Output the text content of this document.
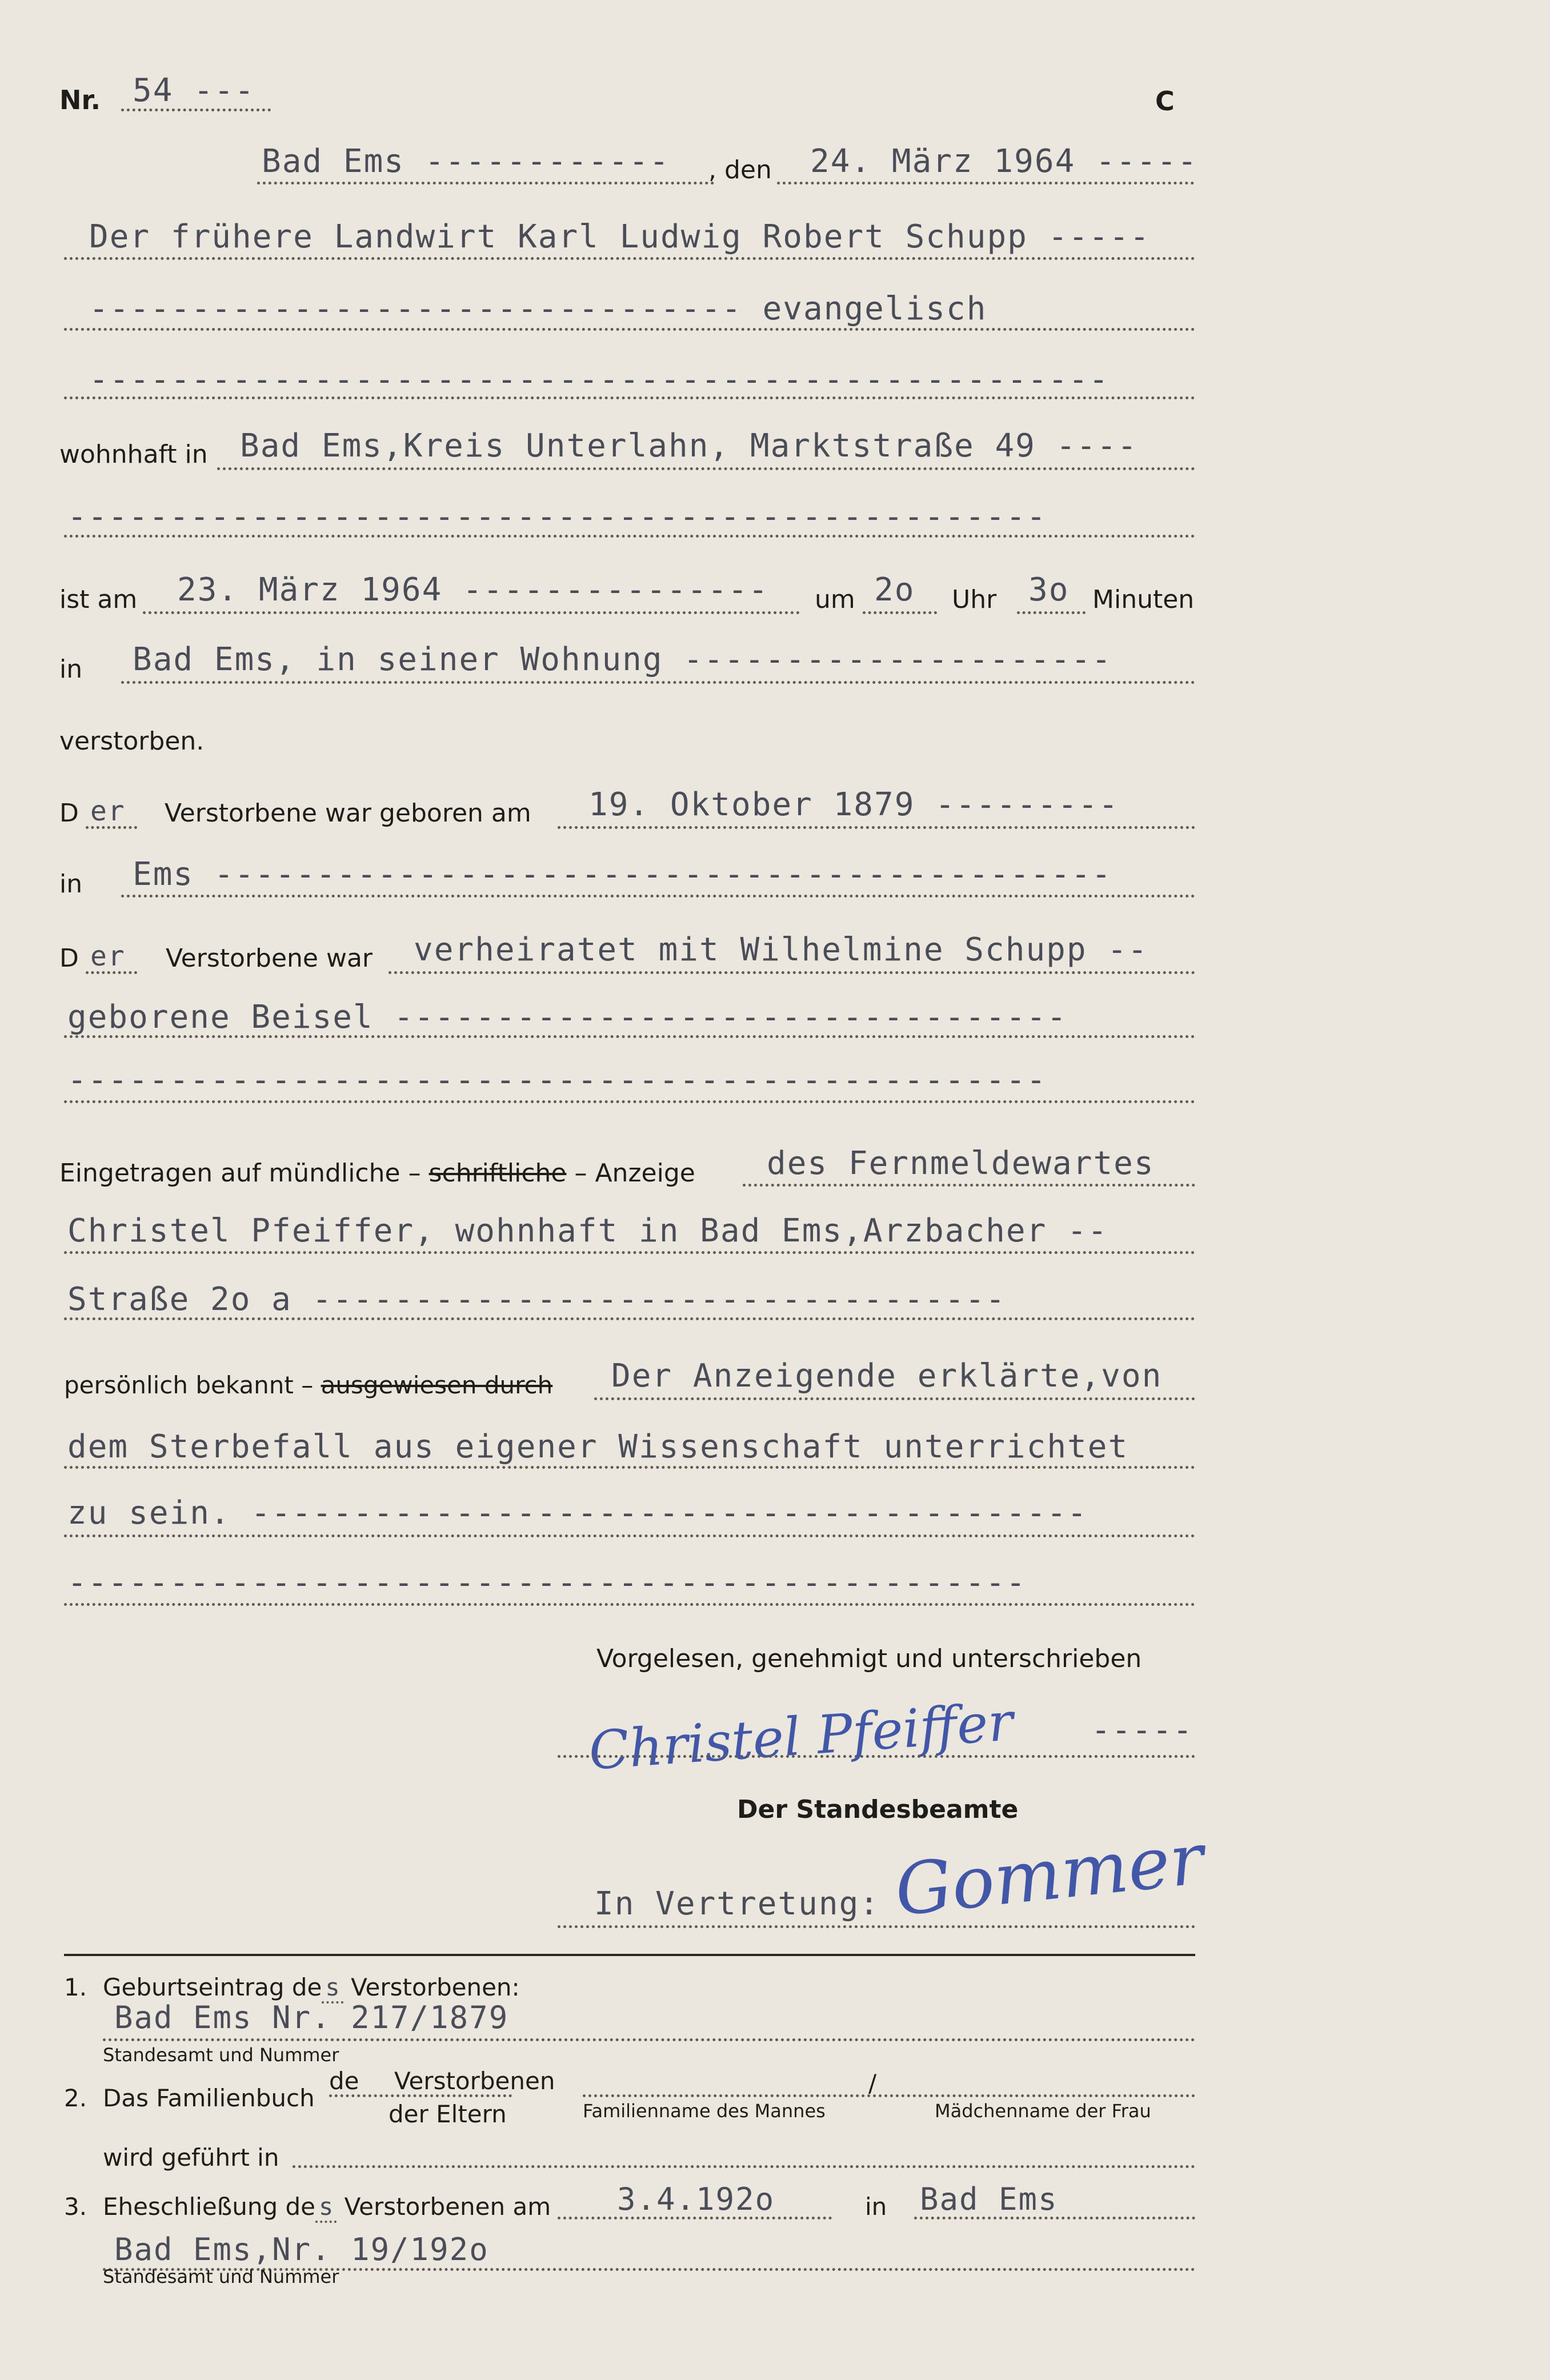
Nr. 54 ---	C
Bad Ems ------------ , den 24. März 1964 -----
Der frühere Landwirt Karl Ludwig Robert Schupp -----
-------------------------------- evangelisch
--------------------------------------------------
wohnhaft in Bad Ems,Kreis Unterlahn, Marktstraße 49 ----
------------------------------------------------
ist am 23. März 1964 --------------- um 2o Uhr 3o Minuten
in Bad Ems, in seiner Wohnung ---------------------
verstorben.
D er Verstorbene war geboren am 19. Oktober 1879 ---------
in Ems --------------------------------------------
D er Verstorbene war verheiratet mit Wilhelmine Schupp --
geborene Beisel ---------------------------------
------------------------------------------------
Eingetragen auf mündliche – schriftliche – Anzeige des Fernmeldewartes
Christel Pfeiffer, wohnhaft in Bad Ems,Arzbacher --
Straße 2o a ----------------------------------
persönlich bekannt – ausgewiesen durch Der Anzeigende erklärte,von
dem Sterbefall aus eigener Wissenschaft unterrichtet
zu sein. -----------------------------------------
-----------------------------------------------
Vorgelesen, genehmigt und unterschrieben
Christel Pfeiffer -----
Der Standesbeamte
In Vertretung: Gommer
1. Geburtseintrag de s Verstorbenen:
Bad Ems Nr. 217/1879
Standesamt und Nummer
2. Das Familienbuch
de Verstorbenen
der Eltern
/
Familienname des Mannes	Mädchenname der Frau
wird geführt in
3. Eheschließung de s Verstorbenen am 3.4.192o	in Bad Ems
Bad Ems,Nr. 19/192o
Standesamt und Nummer
